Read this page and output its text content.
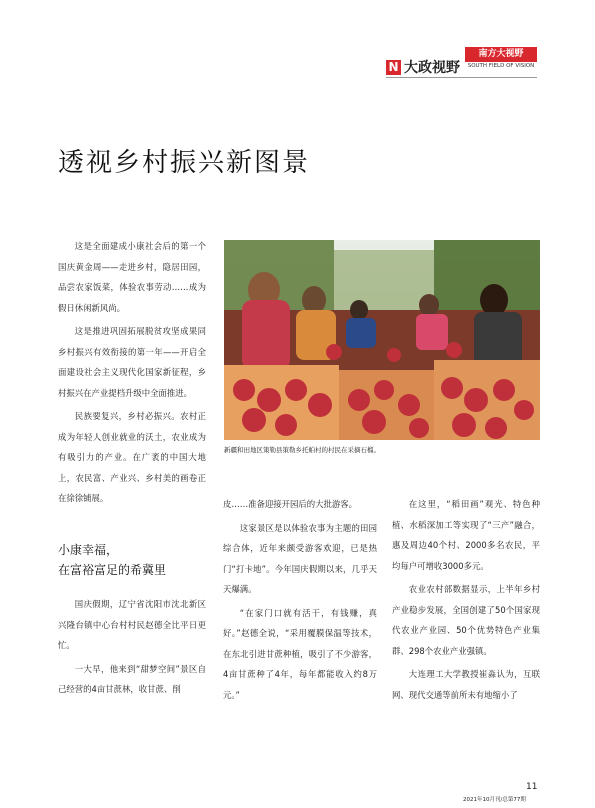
N 大政视野
南方大视野
SOUTH FIELD OF VISION
透视乡村振兴新图景

这是全面建成小康社会后的第一个国庆黄金周——走进乡村，隐居田园，品尝农家饭菜，体验农事劳动……成为假日休闲新风尚。

这是推进巩固拓展脱贫攻坚成果同乡村振兴有效衔接的第一年——开启全面建设社会主义现代化国家新征程，乡村振兴在产业提档升级中全面推进。

民族要复兴，乡村必振兴。农村正成为年轻人创业就业的沃土，农业成为有吸引力的产业。在广袤的中国大地上，农民富、产业兴、乡村美的画卷正在徐徐铺展。

小康幸福，
在富裕富足的希冀里

国庆假期，辽宁省沈阳市沈北新区兴隆台镇中心台村村民赵德全比平日更忙。

一大早，他来到“甜梦空间”景区自己经营的4亩甘蔗林，收甘蔗、削

新疆和田地区策勒县策勒乡托帕村的村民在采摘石榴。

皮……准备迎接开园后的大批游客。

这家景区是以体验农事为主题的田园综合体，近年来颇受游客欢迎，已是热门“打卡地”。今年国庆假期以来，几乎天天爆满。

“在家门口就有活干，有钱赚，真好。”赵德全说，“采用覆膜保温等技术，在东北引进甘蔗种植，吸引了不少游客，4亩甘蔗种了4年，每年都能收入约8万元。”

在这里，“稻田画”观光、特色种植、水稻深加工等实现了“三产”融合，惠及周边40个村、2000多名农民，平均每户可增收3000多元。

农业农村部数据显示，上半年乡村产业稳步发展，全国创建了50个国家现代农业产业园、50个优势特色产业集群、298个农业产业强镇。

大连理工大学教授崔淼认为，互联网、现代交通等前所未有地缩小了

11
2021年10月刊/总第77期
